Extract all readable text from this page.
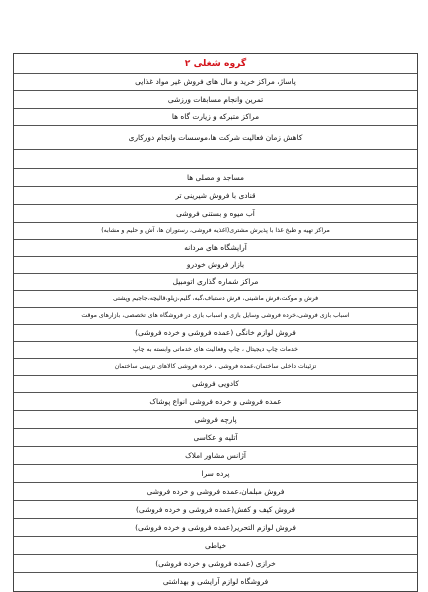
گروه شغلی ۲
پاساژ، مراکز خرید و مال های فروش غیر مواد غذایی
تمرین وانجام مسابقات ورزشی
مراکز متبرکه و زیارت گاه ها
کاهش زمان فعالیت شرکت ها،موسسات وانجام دورکاری
مساجد و مصلی ها
قنادی با فروش شیرینی تر
آب میوه و بستنی فروشی
مراکز تهیه و طبخ غذا با پذیرش مشتری(اغذیه فروشی، رستوران ها، آش و حلیم و مشابه)
آرایشگاه های مردانه
بازار فروش خودرو
مراکز شماره گذاری اتومبیل
فرش و موکت،فرش ماشینی، فرش دستباف،گبه، گلیم،زیلو،قالیچه،جاجیم وپشتی
اسباب بازی فروشی،خرده فروشی وسایل بازی و اسباب بازی در فروشگاه های تخصصی، بازارهای موقت
فروش لوازم خانگی (عمده فروشی و خرده فروشی)
خدمات چاپ دیجیتال ، چاپ وفعالیت های خدماتی وابسته به چاپ
تزئینات داخلی ساختمان،عمده فروشی ، خرده فروشی کالاهای تزیینی ساختمان
کادویی فروشی
عمده فروشی و خرده فروشی انواع پوشاک
پارچه فروشی
آتلیه و عکاسی
آژانس مشاور املاک
پرده سرا
فروش مبلمان،عمده فروشی و خرده فروشی
فروش کیف و کفش(عمده فروشی و خرده فروشی)
فروش لوازم التحریر(عمده فروشی و خرده فروشی)
خیاطی
خرازی (عمده فروشی و خرده فروشی)
فروشگاه لوازم آرایشی و بهداشتی
